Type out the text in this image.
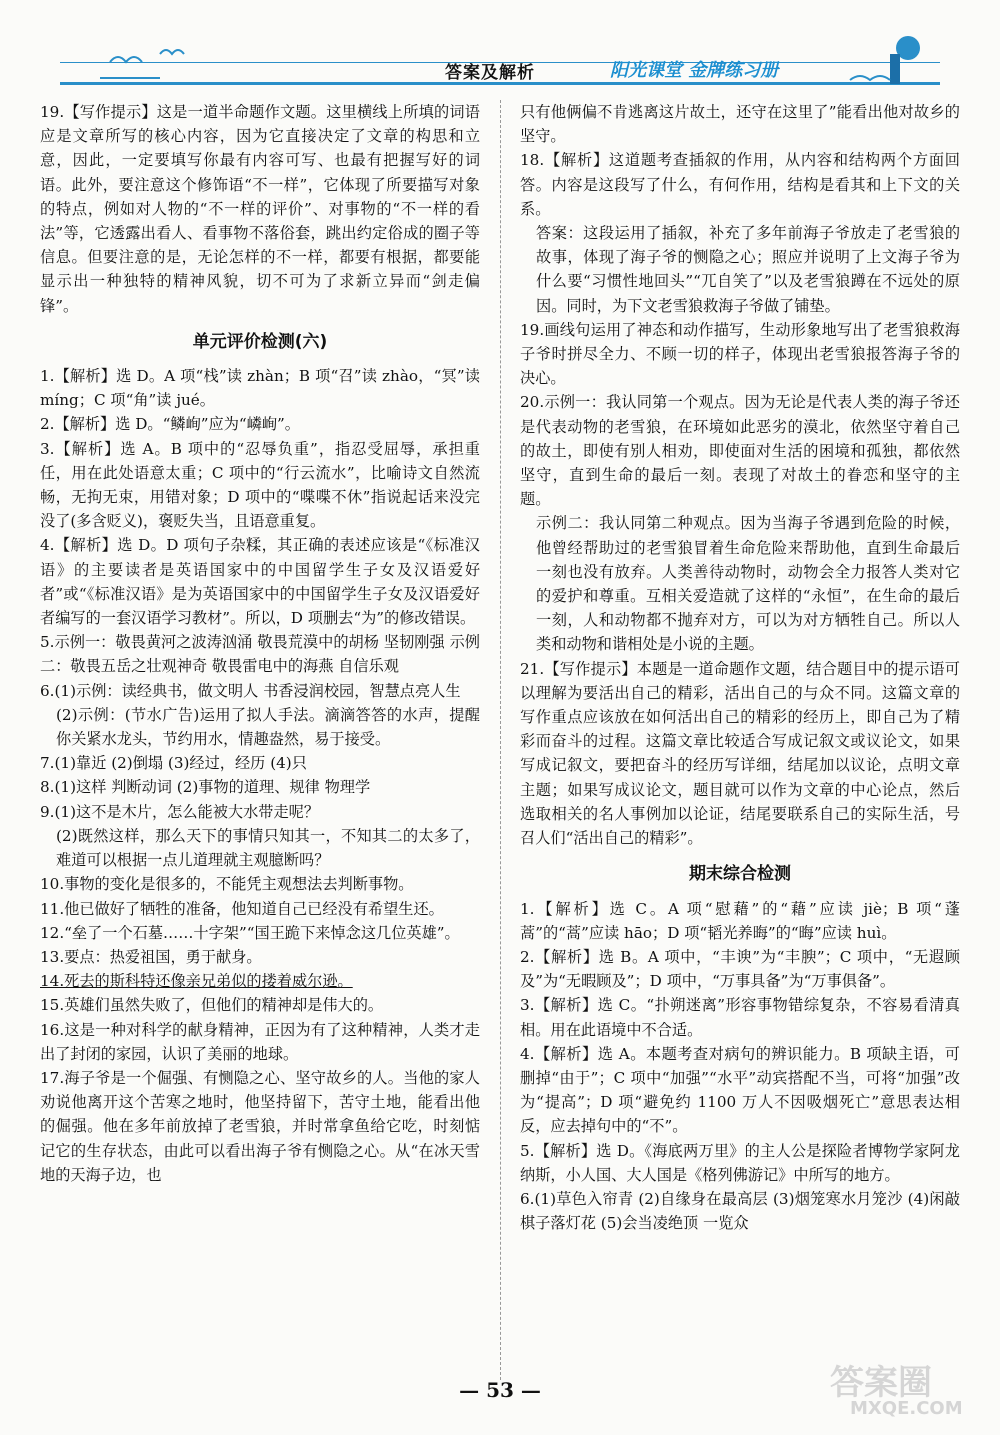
答案及解析	阳光课堂 金牌练习册
19.【写作提示】这是一道半命题作文题。这里横线上所填的词语应是文章所写的核心内容，因为它直接决定了文章的构思和立意，因此，一定要填写你最有内容可写、也最有把握写好的词语。此外，要注意这个修饰语“不一样”，它体现了所要描写对象的特点，例如对人物的“不一样的评价”、对事物的“不一样的看法”等，它透露出看人、看事物不落俗套，跳出约定俗成的圈子等信息。但要注意的是，无论怎样的不一样，都要有根据，都要能显示出一种独特的精神风貌，切不可为了求新立异而“剑走偏锋”。
单元评价检测(六)
1.【解析】选 D。A 项“栈”读 zhàn；B 项“召”读 zhào，“冥”读 míng；C 项“角”读 jué。
2.【解析】选 D。“鳞峋”应为“嶙峋”。
3.【解析】选 A。B 项中的“忍辱负重”，指忍受屈辱，承担重任，用在此处语意太重；C 项中的“行云流水”，比喻诗文自然流畅，无拘无束，用错对象；D 项中的“喋喋不休”指说起话来没完没了(多含贬义)，褒贬失当，且语意重复。
4.【解析】选 D。D 项句子杂糅，其正确的表述应该是“《标准汉语》的主要读者是英语国家中的中国留学生子女及汉语爱好者”或“《标准汉语》是为英语国家中的中国留学生子女及汉语爱好者编写的一套汉语学习教材”。所以，D 项删去“为”的修改错误。
5.示例一：敬畏黄河之波涛汹涌 敬畏荒漠中的胡杨 坚韧刚强 示例二：敬畏五岳之壮观神奇 敬畏雷电中的海燕 自信乐观
6.(1)示例：读经典书，做文明人 书香浸润校园，智慧点亮人生
(2)示例：(节水广告)运用了拟人手法。滴滴答答的水声，提醒你关紧水龙头，节约用水，情趣盎然，易于接受。
7.(1)靠近 (2)倒塌 (3)经过，经历 (4)只
8.(1)这样 判断动词 (2)事物的道理、规律 物理学
9.(1)这不是木片，怎么能被大水带走呢？
(2)既然这样，那么天下的事情只知其一，不知其二的太多了，难道可以根据一点儿道理就主观臆断吗？
10.事物的变化是很多的，不能凭主观想法去判断事物。
11.他已做好了牺牲的准备，他知道自己已经没有希望生还。
12.“垒了一个石墓……十字架”“国王跪下来悼念这几位英雄”。
13.要点：热爱祖国，勇于献身。
14.死去的斯科特还像亲兄弟似的搂着威尔逊。
15.英雄们虽然失败了，但他们的精神却是伟大的。
16.这是一种对科学的献身精神，正因为有了这种精神，人类才走出了封闭的家园，认识了美丽的地球。
17.海子爷是一个倔强、有恻隐之心、坚守故乡的人。当他的家人劝说他离开这个苦寒之地时，他坚持留下，苦守土地，能看出他的倔强。他在多年前放掉了老雪狼，并时常拿鱼给它吃，时刻惦记它的生存状态，由此可以看出海子爷有恻隐之心。从“在冰天雪地的天海子边，也
只有他俩偏不肯逃离这片故土，还守在这里了”能看出他对故乡的坚守。
18.【解析】这道题考查插叙的作用，从内容和结构两个方面回答。内容是这段写了什么，有何作用，结构是看其和上下文的关系。
答案：这段运用了插叙，补充了多年前海子爷放走了老雪狼的故事，体现了海子爷的恻隐之心；照应并说明了上文海子爷为什么要“习惯性地回头”“兀自笑了”以及老雪狼蹲在不远处的原因。同时，为下文老雪狼救海子爷做了铺垫。
19.画线句运用了神态和动作描写，生动形象地写出了老雪狼救海子爷时拼尽全力、不顾一切的样子，体现出老雪狼报答海子爷的决心。
20.示例一：我认同第一个观点。因为无论是代表人类的海子爷还是代表动物的老雪狼，在环境如此恶劣的漠北，依然坚守着自己的故土，即使有别人相劝，即使面对生活的困境和孤独，都依然坚守，直到生命的最后一刻。表现了对故土的眷恋和坚守的主题。
示例二：我认同第二种观点。因为当海子爷遇到危险的时候，他曾经帮助过的老雪狼冒着生命危险来帮助他，直到生命最后一刻也没有放弃。人类善待动物时，动物会全力报答人类对它的爱护和尊重。互相关爱造就了这样的“永恒”，在生命的最后一刻，人和动物都不抛弃对方，可以为对方牺牲自己。所以人类和动物和谐相处是小说的主题。
21.【写作提示】本题是一道命题作文题，结合题目中的提示语可以理解为要活出自己的精彩，活出自己的与众不同。这篇文章的写作重点应该放在如何活出自己的精彩的经历上，即自己为了精彩而奋斗的过程。这篇文章比较适合写成记叙文或议论文，如果写成记叙文，要把奋斗的经历写详细，结尾加以议论，点明文章主题；如果写成议论文，题目就可以作为文章的中心论点，然后选取相关的名人事例加以论证，结尾要联系自己的实际生活，号召人们“活出自己的精彩”。
期末综合检测
1.【解析】选 C。A 项“慰藉”的“藉”应读 jiè；B 项“蓬蒿”的“蒿”应读 hāo；D 项“韬光养晦”的“晦”应读 huì。
2.【解析】选 B。A 项中，“丰谀”为“丰腴”；C 项中，“无遐顾及”为“无暇顾及”；D 项中，“万事具备”为“万事俱备”。
3.【解析】选 C。“扑朔迷离”形容事物错综复杂，不容易看清真相。用在此语境中不合适。
4.【解析】选 A。本题考查对病句的辨识能力。B 项缺主语，可删掉“由于”；C 项中“加强”“水平”动宾搭配不当，可将“加强”改为“提高”；D 项“避免约 1100 万人不因吸烟死亡”意思表达相反，应去掉句中的“不”。
5.【解析】选 D。《海底两万里》的主人公是探险者博物学家阿龙纳斯，小人国、大人国是《格列佛游记》中所写的地方。
6.(1)草色入帘青 (2)自缘身在最高层 (3)烟笼寒水月笼沙 (4)闲敲棋子落灯花 (5)会当凌绝顶 一览众
— 53 —	答案圈
MXQE.COM
